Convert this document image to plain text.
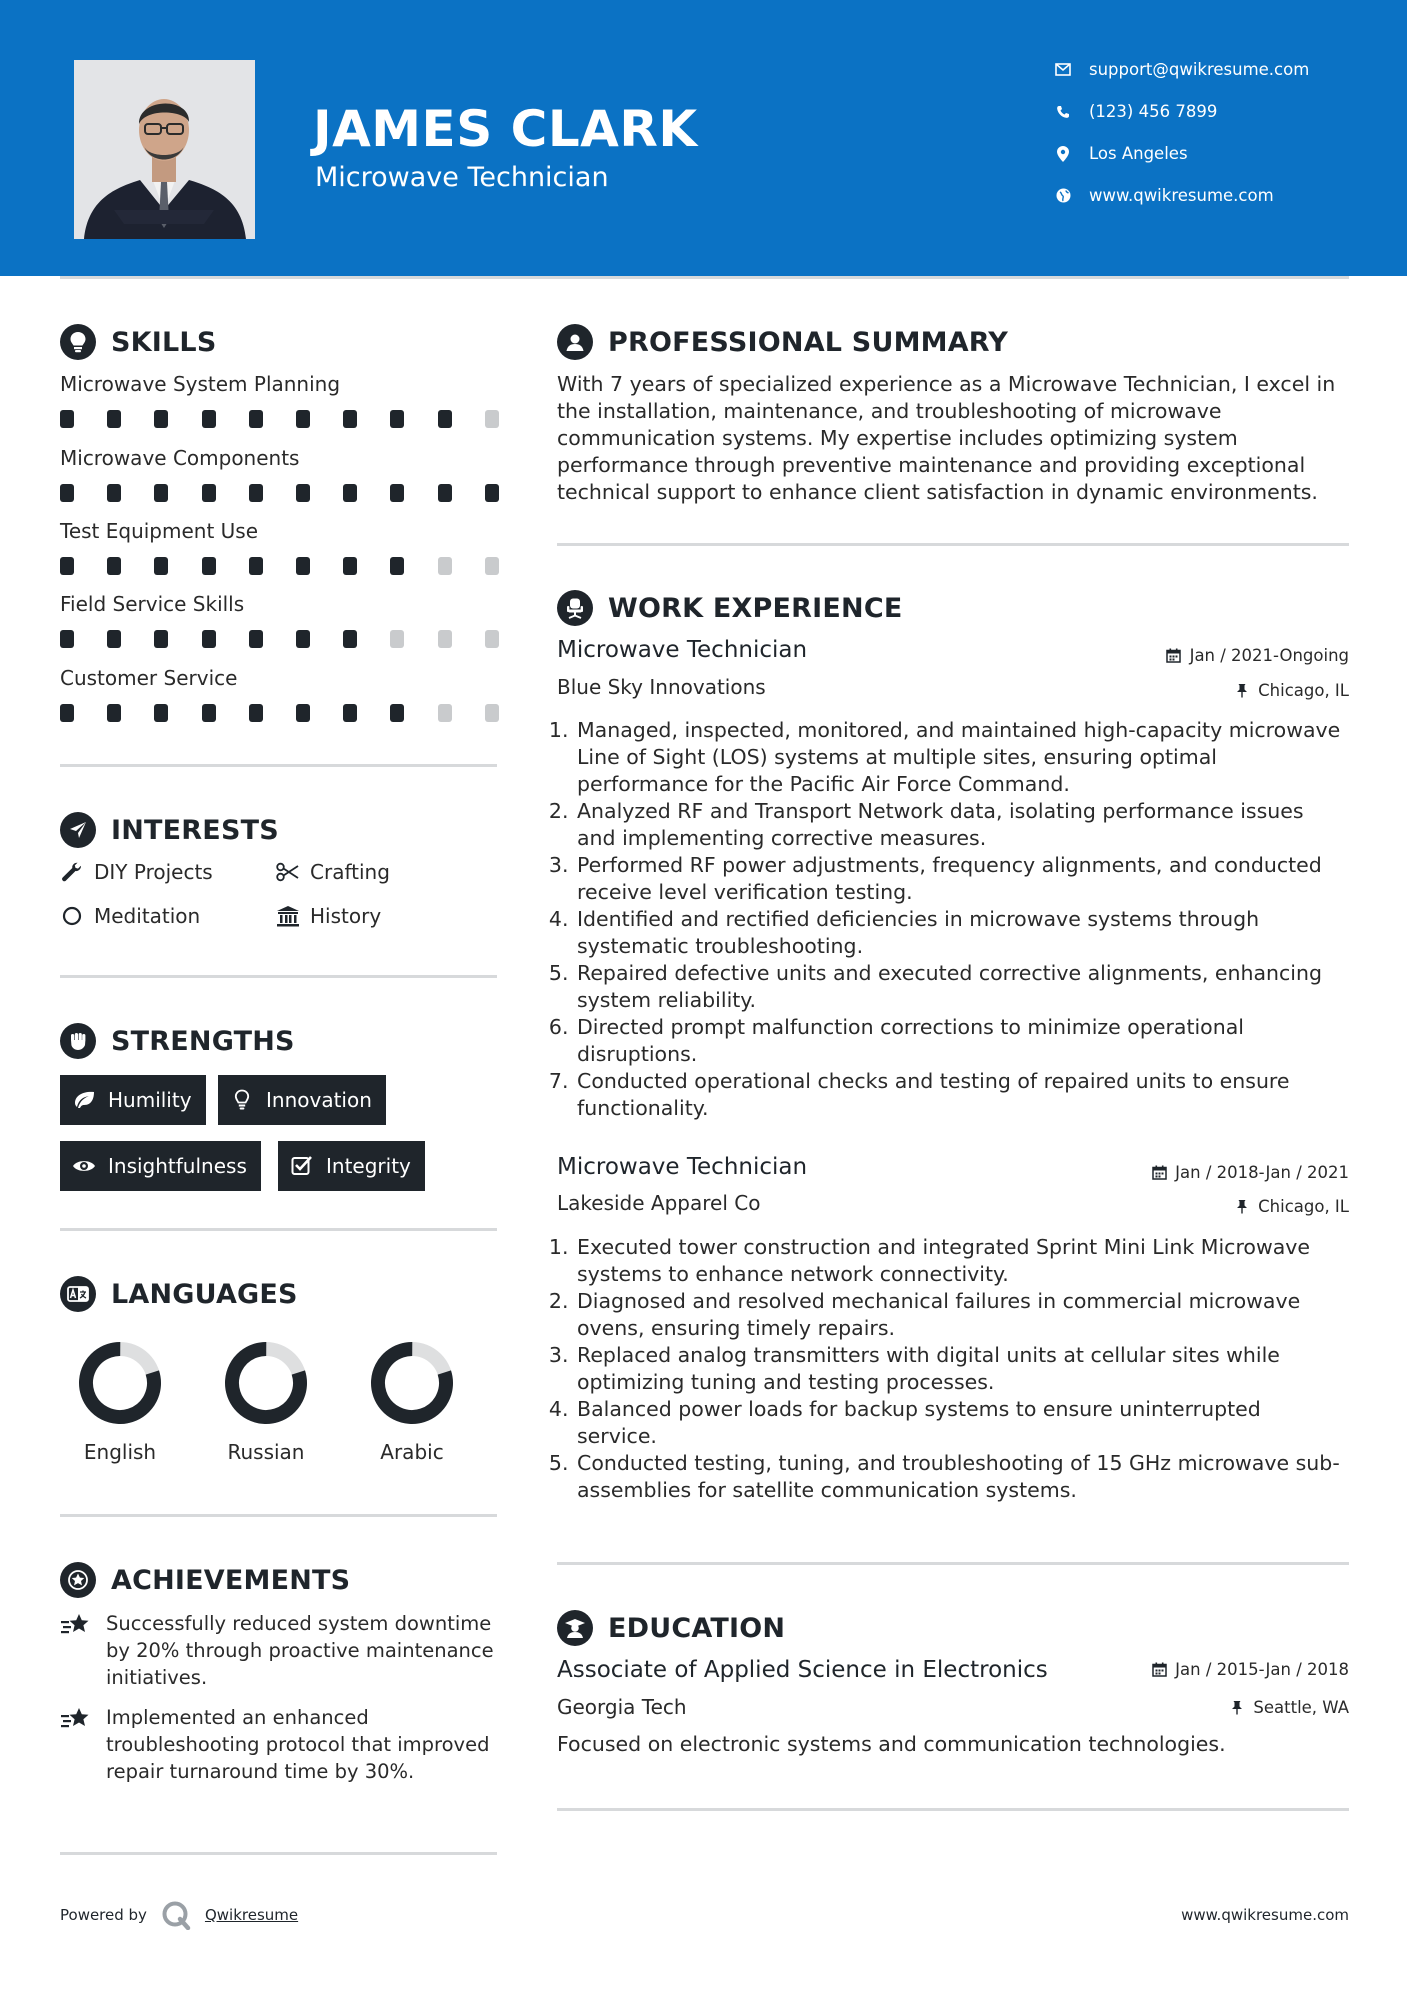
JAMES CLARK
Microwave Technician
support@qwikresume.com
(123) 456 7899
Los Angeles
www.qwikresume.com
SKILLS
Microwave System Planning
Microwave Components
Test Equipment Use
Field Service Skills
Customer Service
INTERESTS
DIY Projects	Crafting
Meditation	History
STRENGTHS
Humility	Innovation
Insightfulness	Integrity
LANGUAGES
English	Russian	Arabic
ACHIEVEMENTS
Successfully reduced system downtime by 20% through proactive maintenance initiatives.
Implemented an enhanced troubleshooting protocol that improved repair turnaround time by 30%.
PROFESSIONAL SUMMARY
With 7 years of specialized experience as a Microwave Technician, I excel in the installation, maintenance, and troubleshooting of microwave communication systems. My expertise includes optimizing system performance through preventive maintenance and providing exceptional technical support to enhance client satisfaction in dynamic environments.
WORK EXPERIENCE
Microwave Technician	Jan / 2021-Ongoing
Blue Sky Innovations	Chicago, IL
1. Managed, inspected, monitored, and maintained high-capacity microwave Line of Sight (LOS) systems at multiple sites, ensuring optimal performance for the Pacific Air Force Command.
2. Analyzed RF and Transport Network data, isolating performance issues and implementing corrective measures.
3. Performed RF power adjustments, frequency alignments, and conducted receive level verification testing.
4. Identified and rectified deficiencies in microwave systems through systematic troubleshooting.
5. Repaired defective units and executed corrective alignments, enhancing system reliability.
6. Directed prompt malfunction corrections to minimize operational disruptions.
7. Conducted operational checks and testing of repaired units to ensure functionality.
Microwave Technician	Jan / 2018-Jan / 2021
Lakeside Apparel Co	Chicago, IL
1. Executed tower construction and integrated Sprint Mini Link Microwave systems to enhance network connectivity.
2. Diagnosed and resolved mechanical failures in commercial microwave ovens, ensuring timely repairs.
3. Replaced analog transmitters with digital units at cellular sites while optimizing tuning and testing processes.
4. Balanced power loads for backup systems to ensure uninterrupted service.
5. Conducted testing, tuning, and troubleshooting of 15 GHz microwave sub-assemblies for satellite communication systems.
EDUCATION
Associate of Applied Science in Electronics	Jan / 2015-Jan / 2018
Georgia Tech	Seattle, WA
Focused on electronic systems and communication technologies.
Powered by	Qwikresume	www.qwikresume.com
